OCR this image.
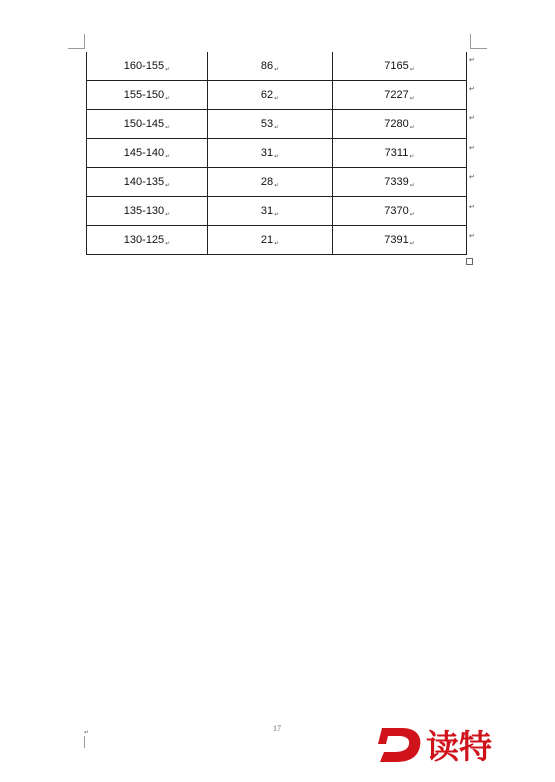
160-155↵	86↵	7165↵
155-150↵	62↵	7227↵
150-145↵	53↵	7280↵
145-140↵	31↵	7311↵
140-135↵	28↵	7339↵
135-130↵	31↵	7370↵
130-125↵	21↵	7391↵
↵
↵
↵
↵
↵
↵
↵
17
↵	读特
